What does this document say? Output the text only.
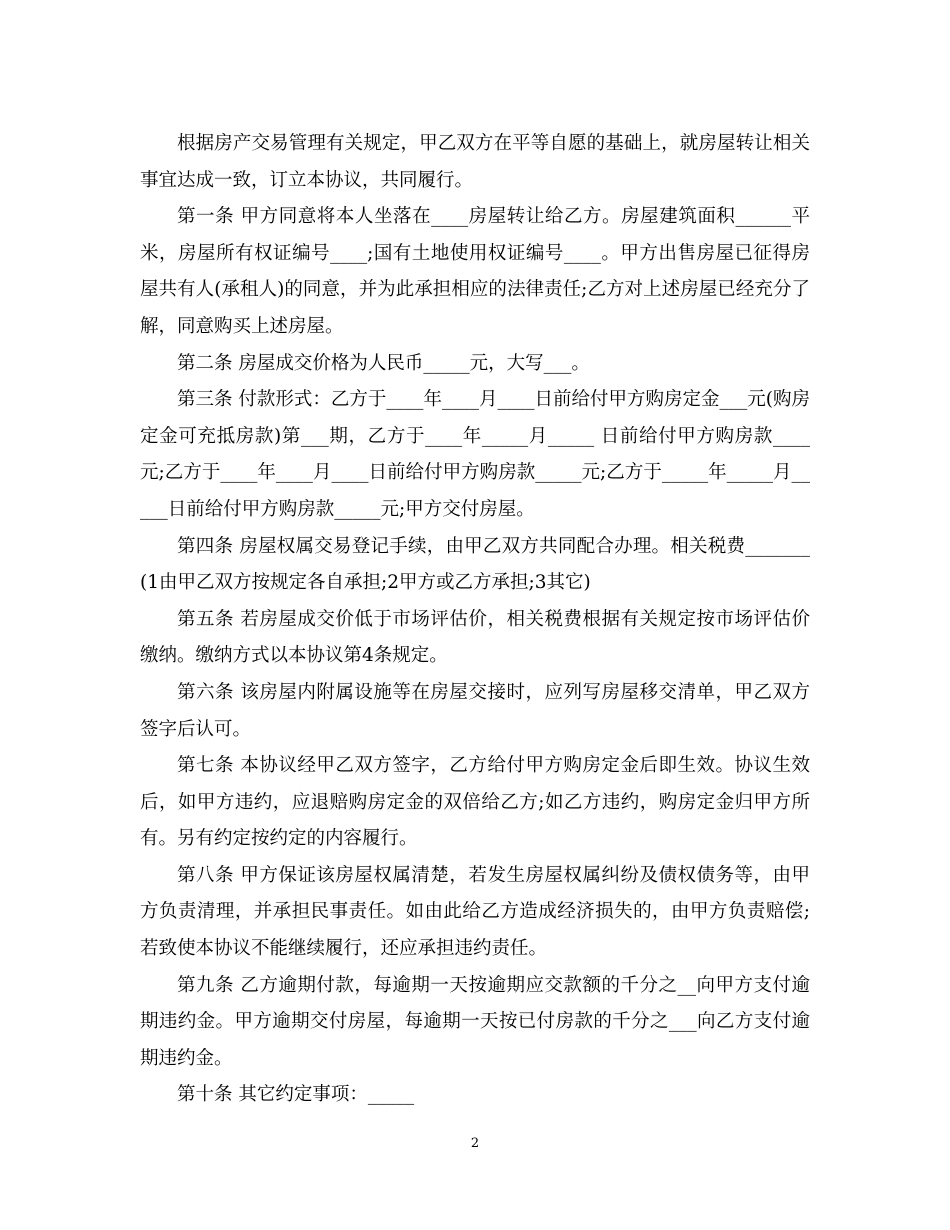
根据房产交易管理有关规定，甲乙双方在平等自愿的基础上，就房屋转让相关事宜达成一致，订立本协议，共同履行。

第一条 甲方同意将本人坐落在____房屋转让给乙方。房屋建筑面积______平米，房屋所有权证编号____;国有土地使用权证编号____。甲方出售房屋已征得房屋共有人(承租人)的同意，并为此承担相应的法律责任;乙方对上述房屋已经充分了解，同意购买上述房屋。

第二条 房屋成交价格为人民币_____元，大写___。

第三条 付款形式：乙方于____年____月____日前给付甲方购房定金___元(购房定金可充抵房款)第___期，乙方于____年_____月_____ 日前给付甲方购房款____元;乙方于____年____月____日前给付甲方购房款_____元;乙方于_____年_____月_____日前给付甲方购房款_____元;甲方交付房屋。

第四条 房屋权属交易登记手续，由甲乙双方共同配合办理。相关税费_______(1由甲乙双方按规定各自承担;2甲方或乙方承担;3其它)

第五条 若房屋成交价低于市场评估价，相关税费根据有关规定按市场评估价缴纳。缴纳方式以本协议第4条规定。

第六条 该房屋内附属设施等在房屋交接时，应列写房屋移交清单，甲乙双方签字后认可。

第七条 本协议经甲乙双方签字，乙方给付甲方购房定金后即生效。协议生效后，如甲方违约，应退赔购房定金的双倍给乙方;如乙方违约，购房定金归甲方所有。另有约定按约定的内容履行。

第八条 甲方保证该房屋权属清楚，若发生房屋权属纠纷及债权债务等，由甲方负责清理，并承担民事责任。如由此给乙方造成经济损失的，由甲方负责赔偿;若致使本协议不能继续履行，还应承担违约责任。

第九条 乙方逾期付款，每逾期一天按逾期应交款额的千分之__向甲方支付逾期违约金。甲方逾期交付房屋，每逾期一天按已付房款的千分之___向乙方支付逾期违约金。

第十条 其它约定事项：_____

2
